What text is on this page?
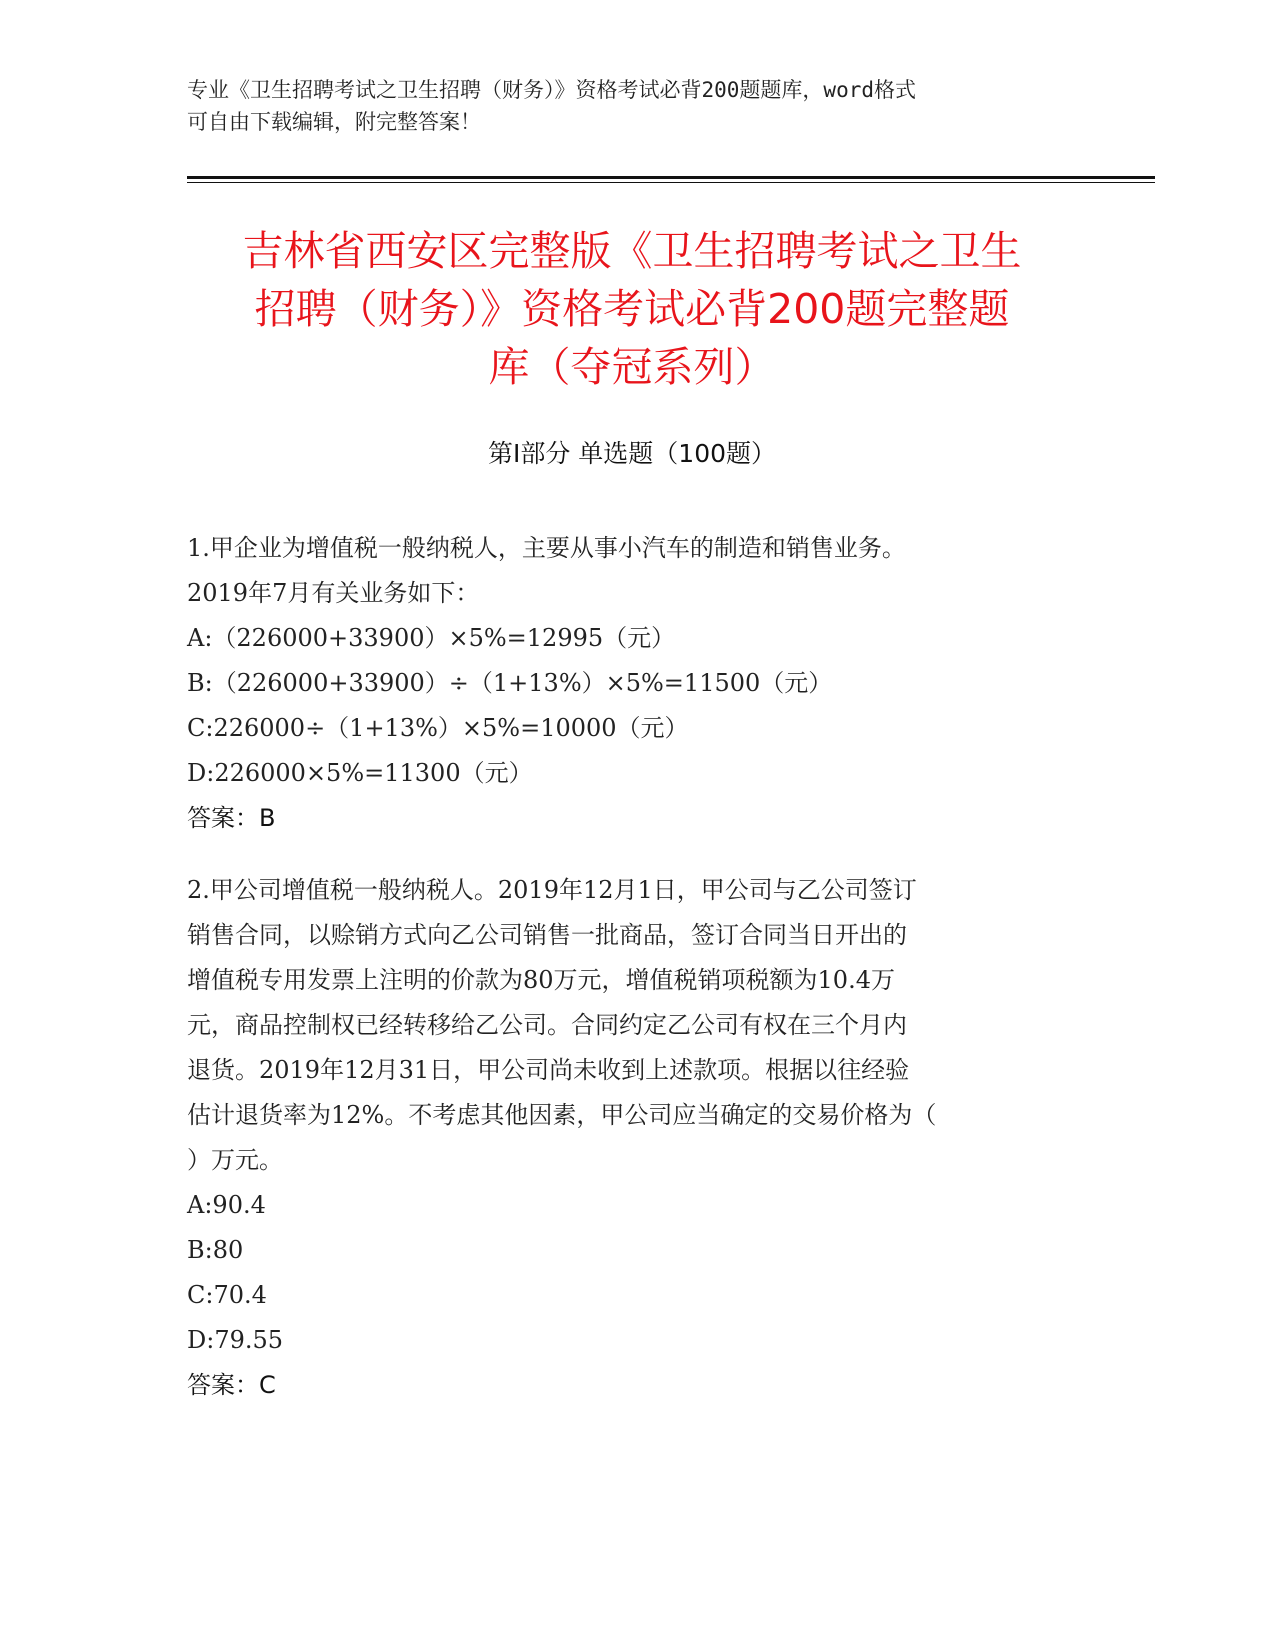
专业《卫生招聘考试之卫生招聘（财务）》资格考试必背200题题库，word格式
可自由下载编辑，附完整答案！
吉林省西安区完整版《卫生招聘考试之卫生
招聘（财务）》资格考试必背200题完整题
库（夺冠系列）
第Ⅰ部分 单选题（100题）
1.甲企业为增值税一般纳税人，主要从事小汽车的制造和销售业务。
2019年7月有关业务如下：
A:（226000+33900）×5%=12995（元）
B:（226000+33900）÷（1+13%）×5%=11500（元）
C:226000÷（1+13%）×5%=10000（元）
D:226000×5%=11300（元）
答案：B
2.甲公司增值税一般纳税人。2019年12月1日，甲公司与乙公司签订
销售合同，以赊销方式向乙公司销售一批商品，签订合同当日开出的
增值税专用发票上注明的价款为80万元，增值税销项税额为10.4万
元，商品控制权已经转移给乙公司。合同约定乙公司有权在三个月内
退货。2019年12月31日，甲公司尚未收到上述款项。根据以往经验
估计退货率为12%。不考虑其他因素，甲公司应当确定的交易价格为（
）万元。
A:90.4
B:80
C:70.4
D:79.55
答案：C
